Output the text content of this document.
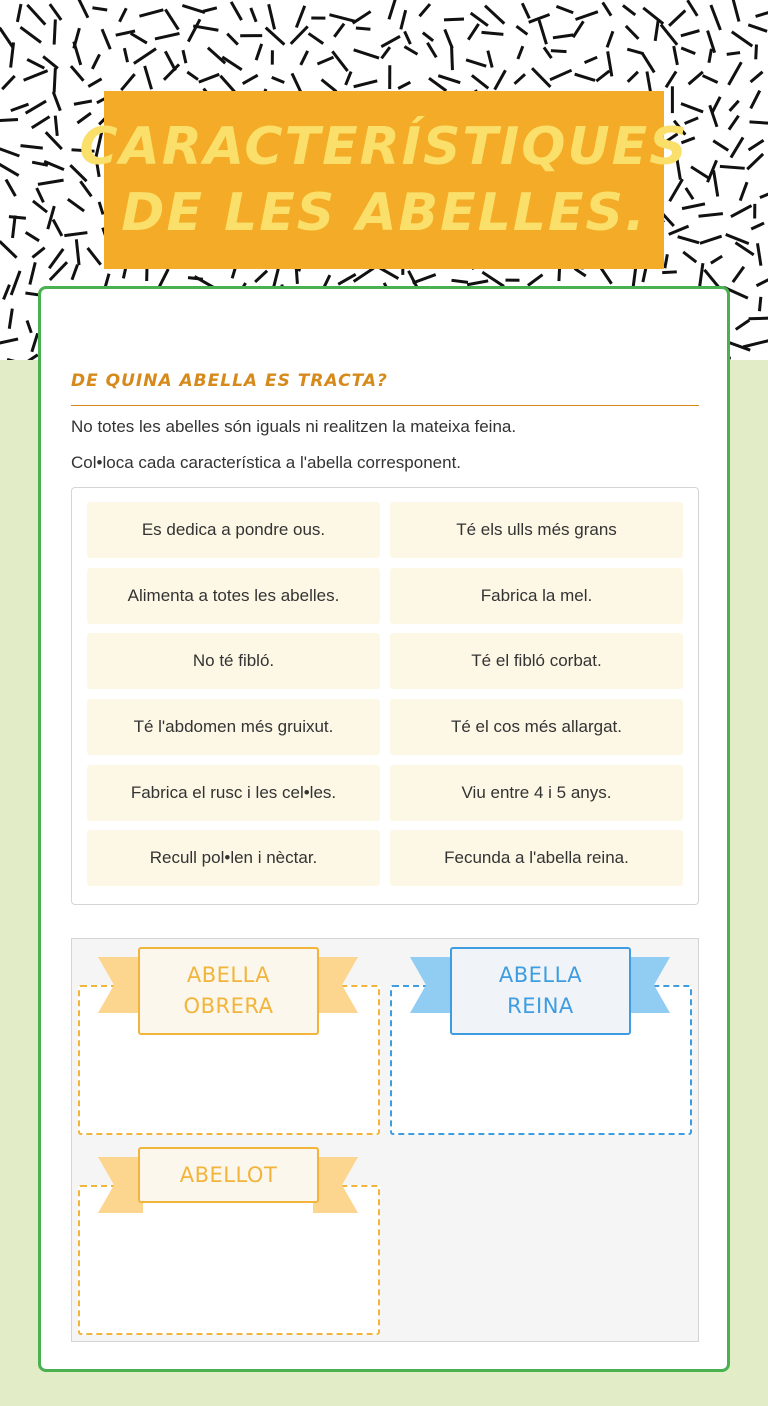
CARACTERÍSTIQUES DE LES ABELLES.
DE QUINA ABELLA ES TRACTA?
No totes les abelles són iguals ni realitzen la mateixa feina.
Col•loca cada característica a l'abella corresponent.
Es dedica a pondre ous.	Té els ulls més grans
Alimenta a totes les abelles.	Fabrica la mel.
No té fibló.	Té el fibló corbat.
Té l'abdomen més gruixut.	Té el cos més allargat.
Fabrica el rusc i les cel•les.	Viu entre 4 i 5 anys.
Recull pol•len i nèctar.	Fecunda a l'abella reina.
ABELLA
OBRERA
ABELLA
REINA
ABELLOT
